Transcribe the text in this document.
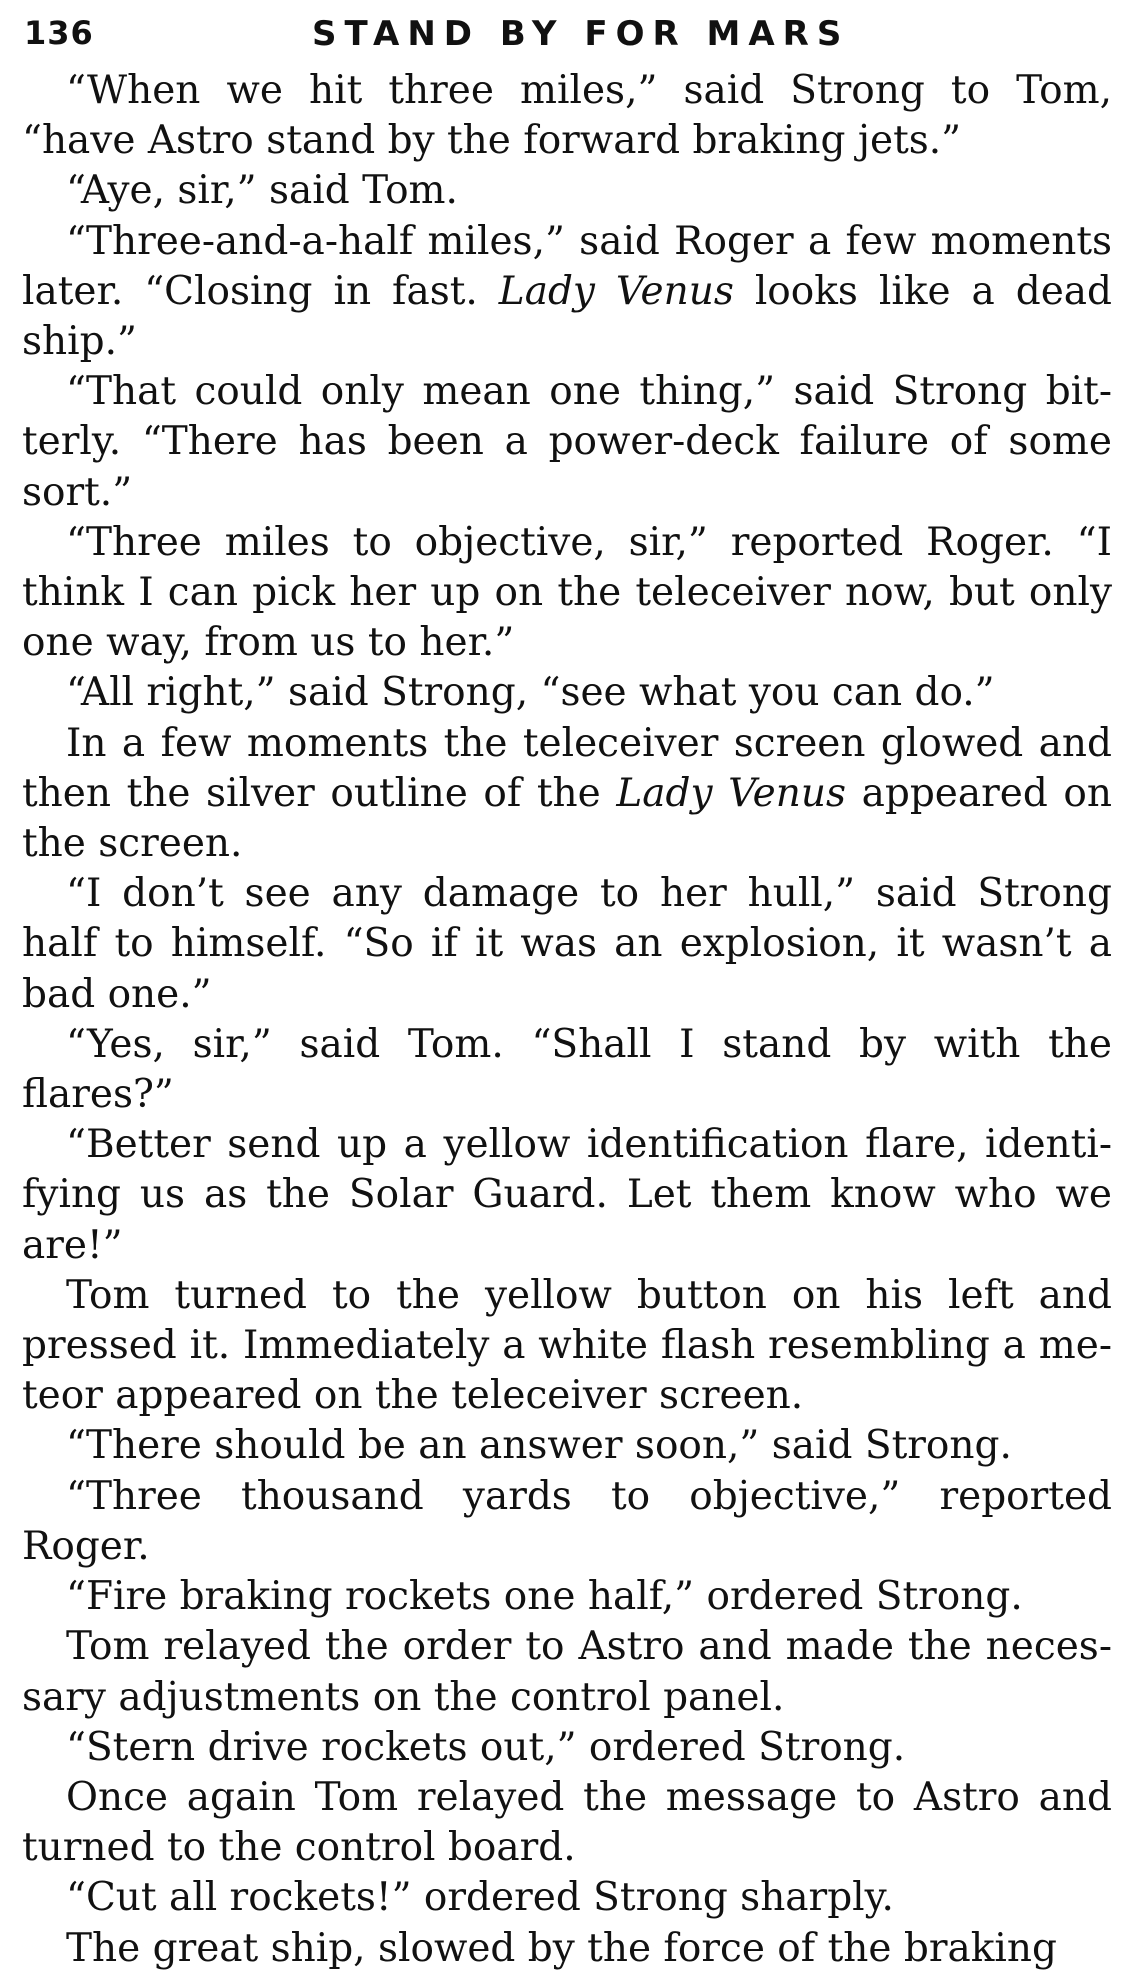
136	STAND BY FOR MARS

“When we hit three miles,” said Strong to Tom, “have Astro stand by the forward braking jets.”

“Aye, sir,” said Tom.

“Three-and-a-half miles,” said Roger a few moments later. “Closing in fast. Lady Venus looks like a dead ship.”

“That could only mean one thing,” said Strong bitterly. “There has been a power-deck failure of some sort.”

“Three miles to objective, sir,” reported Roger. “I think I can pick her up on the teleceiver now, but only one way, from us to her.”

“All right,” said Strong, “see what you can do.”

In a few moments the teleceiver screen glowed and then the silver outline of the Lady Venus appeared on the screen.

“I don’t see any damage to her hull,” said Strong half to himself. “So if it was an explosion, it wasn’t a bad one.”

“Yes, sir,” said Tom. “Shall I stand by with the flares?”

“Better send up a yellow identification flare, identifying us as the Solar Guard. Let them know who we are!”

Tom turned to the yellow button on his left and pressed it. Immediately a white flash resembling a meteor appeared on the teleceiver screen.

“There should be an answer soon,” said Strong.

“Three thousand yards to objective,” reported Roger.

“Fire braking rockets one half,” ordered Strong.

Tom relayed the order to Astro and made the necessary adjustments on the control panel.

“Stern drive rockets out,” ordered Strong.

Once again Tom relayed the message to Astro and turned to the control board.

“Cut all rockets!” ordered Strong sharply.

The great ship, slowed by the force of the braking
